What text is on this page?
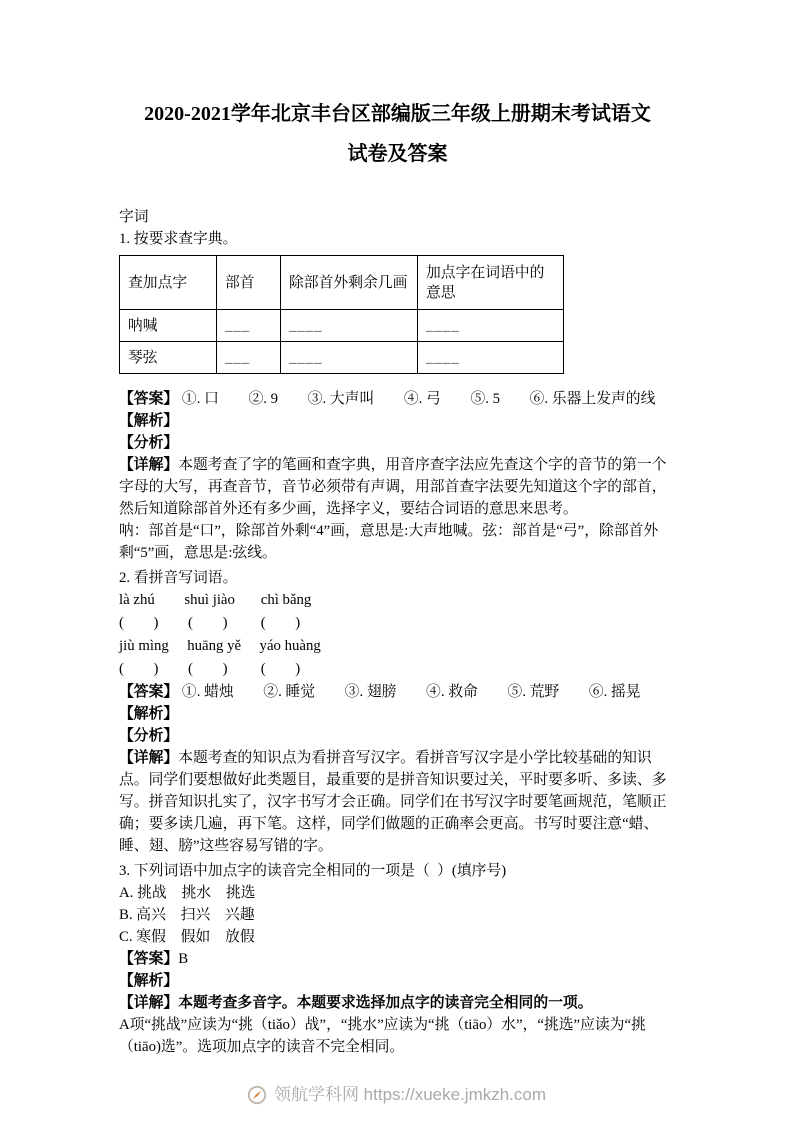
2020-2021学年北京丰台区部编版三年级上册期末考试语文
试卷及答案

字词

1. 按要求查字典。

查加点字	部首	除部首外剩余几画	加点字在词语中的意思
呐喊	___	____	____
琴弦	___	____	____

【答案】 ①. 口　　②. 9　　③. 大声叫　　④. 弓　　⑤. 5　　⑥. 乐器上发声的线

【解析】

【分析】

【详解】本题考查了字的笔画和查字典，用音序查字法应先查这个字的音节的第一个字母的大写，再查音节，音节必须带有声调，用部首查字法要先知道这个字的部首，然后知道除部首外还有多少画，选择字义，要结合词语的意思来思考。

呐：部首是“口”，除部首外剩“4”画，意思是:大声地喊。弦：部首是“弓”，除部首外剩“5”画，意思是:弦线。

2. 看拼音写词语。

là zhú        shuì jiào       chì bǎng

(        )        (        )         (        )

jiù mìng     huāng yě     yáo huàng

(        )        (        )         (        )

【答案】 ①. 蜡烛　　②. 睡觉　　③. 翅膀　　④. 救命　　⑤. 荒野　　⑥. 摇晃

【解析】

【分析】

【详解】本题考查的知识点为看拼音写汉字。看拼音写汉字是小学比较基础的知识点。同学们要想做好此类题目，最重要的是拼音知识要过关，平时要多听、多读、多写。拼音知识扎实了，汉字书写才会正确。同学们在书写汉字时要笔画规范，笔顺正确；要多读几遍，再下笔。这样，同学们做题的正确率会更高。书写时要注意“蜡、睡、翅、膀”这些容易写错的字。

3. 下列词语中加点字的读音完全相同的一项是（  ）(填序号)

A. 挑战　挑水　挑选

B. 高兴　扫兴　兴趣

C. 寒假　假如　放假

【答案】B

【解析】

【详解】本题考查多音字。本题要求选择加点字的读音完全相同的一项。

A项“挑战”应读为“挑（tiǎo）战”，“挑水”应读为“挑（tiāo）水”，“挑选”应读为“挑（tiāo)选”。选项加点字的读音不完全相同。

领航学科网 https://xueke.jmkzh.com
